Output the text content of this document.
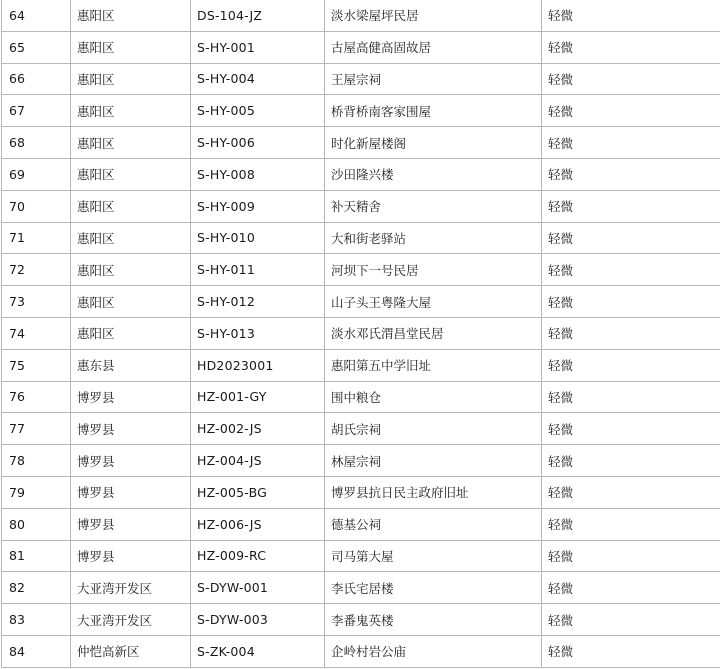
64	惠阳区	DS-104-JZ	淡水梁屋坪民居	轻微
65	惠阳区	S-HY-001	古屋高健高固故居	轻微
66	惠阳区	S-HY-004	王屋宗祠	轻微
67	惠阳区	S-HY-005	桥背桥南客家围屋	轻微
68	惠阳区	S-HY-006	时化新屋楼阁	轻微
69	惠阳区	S-HY-008	沙田隆兴楼	轻微
70	惠阳区	S-HY-009	补天精舍	轻微
71	惠阳区	S-HY-010	大和街老驿站	轻微
72	惠阳区	S-HY-011	河坝下一号民居	轻微
73	惠阳区	S-HY-012	山子头王粤隆大屋	轻微
74	惠阳区	S-HY-013	淡水邓氏渭昌堂民居	轻微
75	惠东县	HD2023001	惠阳第五中学旧址	轻微
76	博罗县	HZ-001-GY	围中粮仓	轻微
77	博罗县	HZ-002-JS	胡氏宗祠	轻微
78	博罗县	HZ-004-JS	林屋宗祠	轻微
79	博罗县	HZ-005-BG	博罗县抗日民主政府旧址	轻微
80	博罗县	HZ-006-JS	德基公祠	轻微
81	博罗县	HZ-009-RC	司马第大屋	轻微
82	大亚湾开发区	S-DYW-001	李氏宅居楼	轻微
83	大亚湾开发区	S-DYW-003	李番鬼英楼	轻微
84	仲恺高新区	S-ZK-004	企岭村岩公庙	轻微
